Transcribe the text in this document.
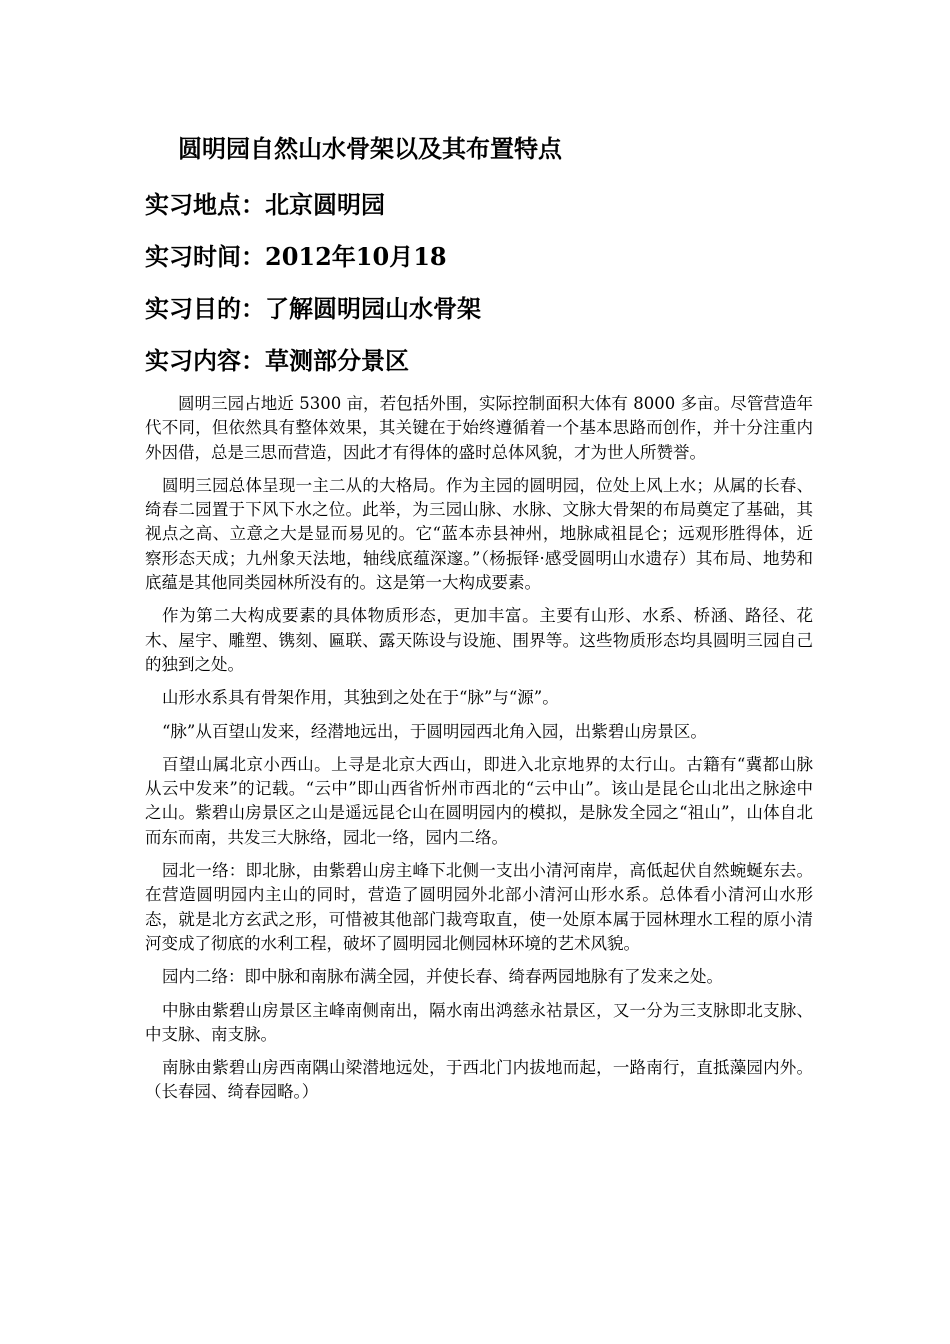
圆明园自然山水骨架以及其布置特点
实习地点：北京圆明园
实习时间：2012年10月18
实习目的：了解圆明园山水骨架
实习内容：草测部分景区

圆明三园占地近 5300 亩，若包括外围，实际控制面积大体有 8000 多亩。尽管营造年代不同，但依然具有整体效果，其关键在于始终遵循着一个基本思路而创作，并十分注重内外因借，总是三思而营造，因此才有得体的盛时总体风貌，才为世人所赞誉。

圆明三园总体呈现一主二从的大格局。作为主园的圆明园，位处上风上水；从属的长春、绮春二园置于下风下水之位。此举，为三园山脉、水脉、文脉大骨架的布局奠定了基础，其视点之高、立意之大是显而易见的。它“蓝本赤县神州，地脉咸祖昆仑；远观形胜得体，近察形态天成；九州象天法地，轴线底蕴深邃。”（杨振铎·感受圆明山水遗存）其布局、地势和底蕴是其他同类园林所没有的。这是第一大构成要素。

作为第二大构成要素的具体物质形态，更加丰富。主要有山形、水系、桥涵、路径、花木、屋宇、雕塑、镌刻、匾联、露天陈设与设施、围界等。这些物质形态均具圆明三园自己的独到之处。

山形水系具有骨架作用，其独到之处在于“脉”与“源”。

“脉”从百望山发来，经潜地远出，于圆明园西北角入园，出紫碧山房景区。

百望山属北京小西山。上寻是北京大西山，即进入北京地界的太行山。古籍有“冀都山脉从云中发来”的记载。“云中”即山西省忻州市西北的“云中山”。该山是昆仑山北出之脉途中之山。紫碧山房景区之山是遥远昆仑山在圆明园内的模拟，是脉发全园之“祖山”，山体自北而东而南，共发三大脉络，园北一络，园内二络。

园北一络：即北脉，由紫碧山房主峰下北侧一支出小清河南岸，高低起伏自然蜿蜒东去。在营造圆明园内主山的同时，营造了圆明园外北部小清河山形水系。总体看小清河山水形态，就是北方玄武之形，可惜被其他部门裁弯取直，使一处原本属于园林理水工程的原小清河变成了彻底的水利工程，破坏了圆明园北侧园林环境的艺术风貌。

园内二络：即中脉和南脉布满全园，并使长春、绮春两园地脉有了发来之处。

中脉由紫碧山房景区主峰南侧南出，隔水南出鸿慈永祜景区，又一分为三支脉即北支脉、中支脉、南支脉。

南脉由紫碧山房西南隅山梁潜地远处，于西北门内拔地而起，一路南行，直抵藻园内外。（长春园、绮春园略。）
